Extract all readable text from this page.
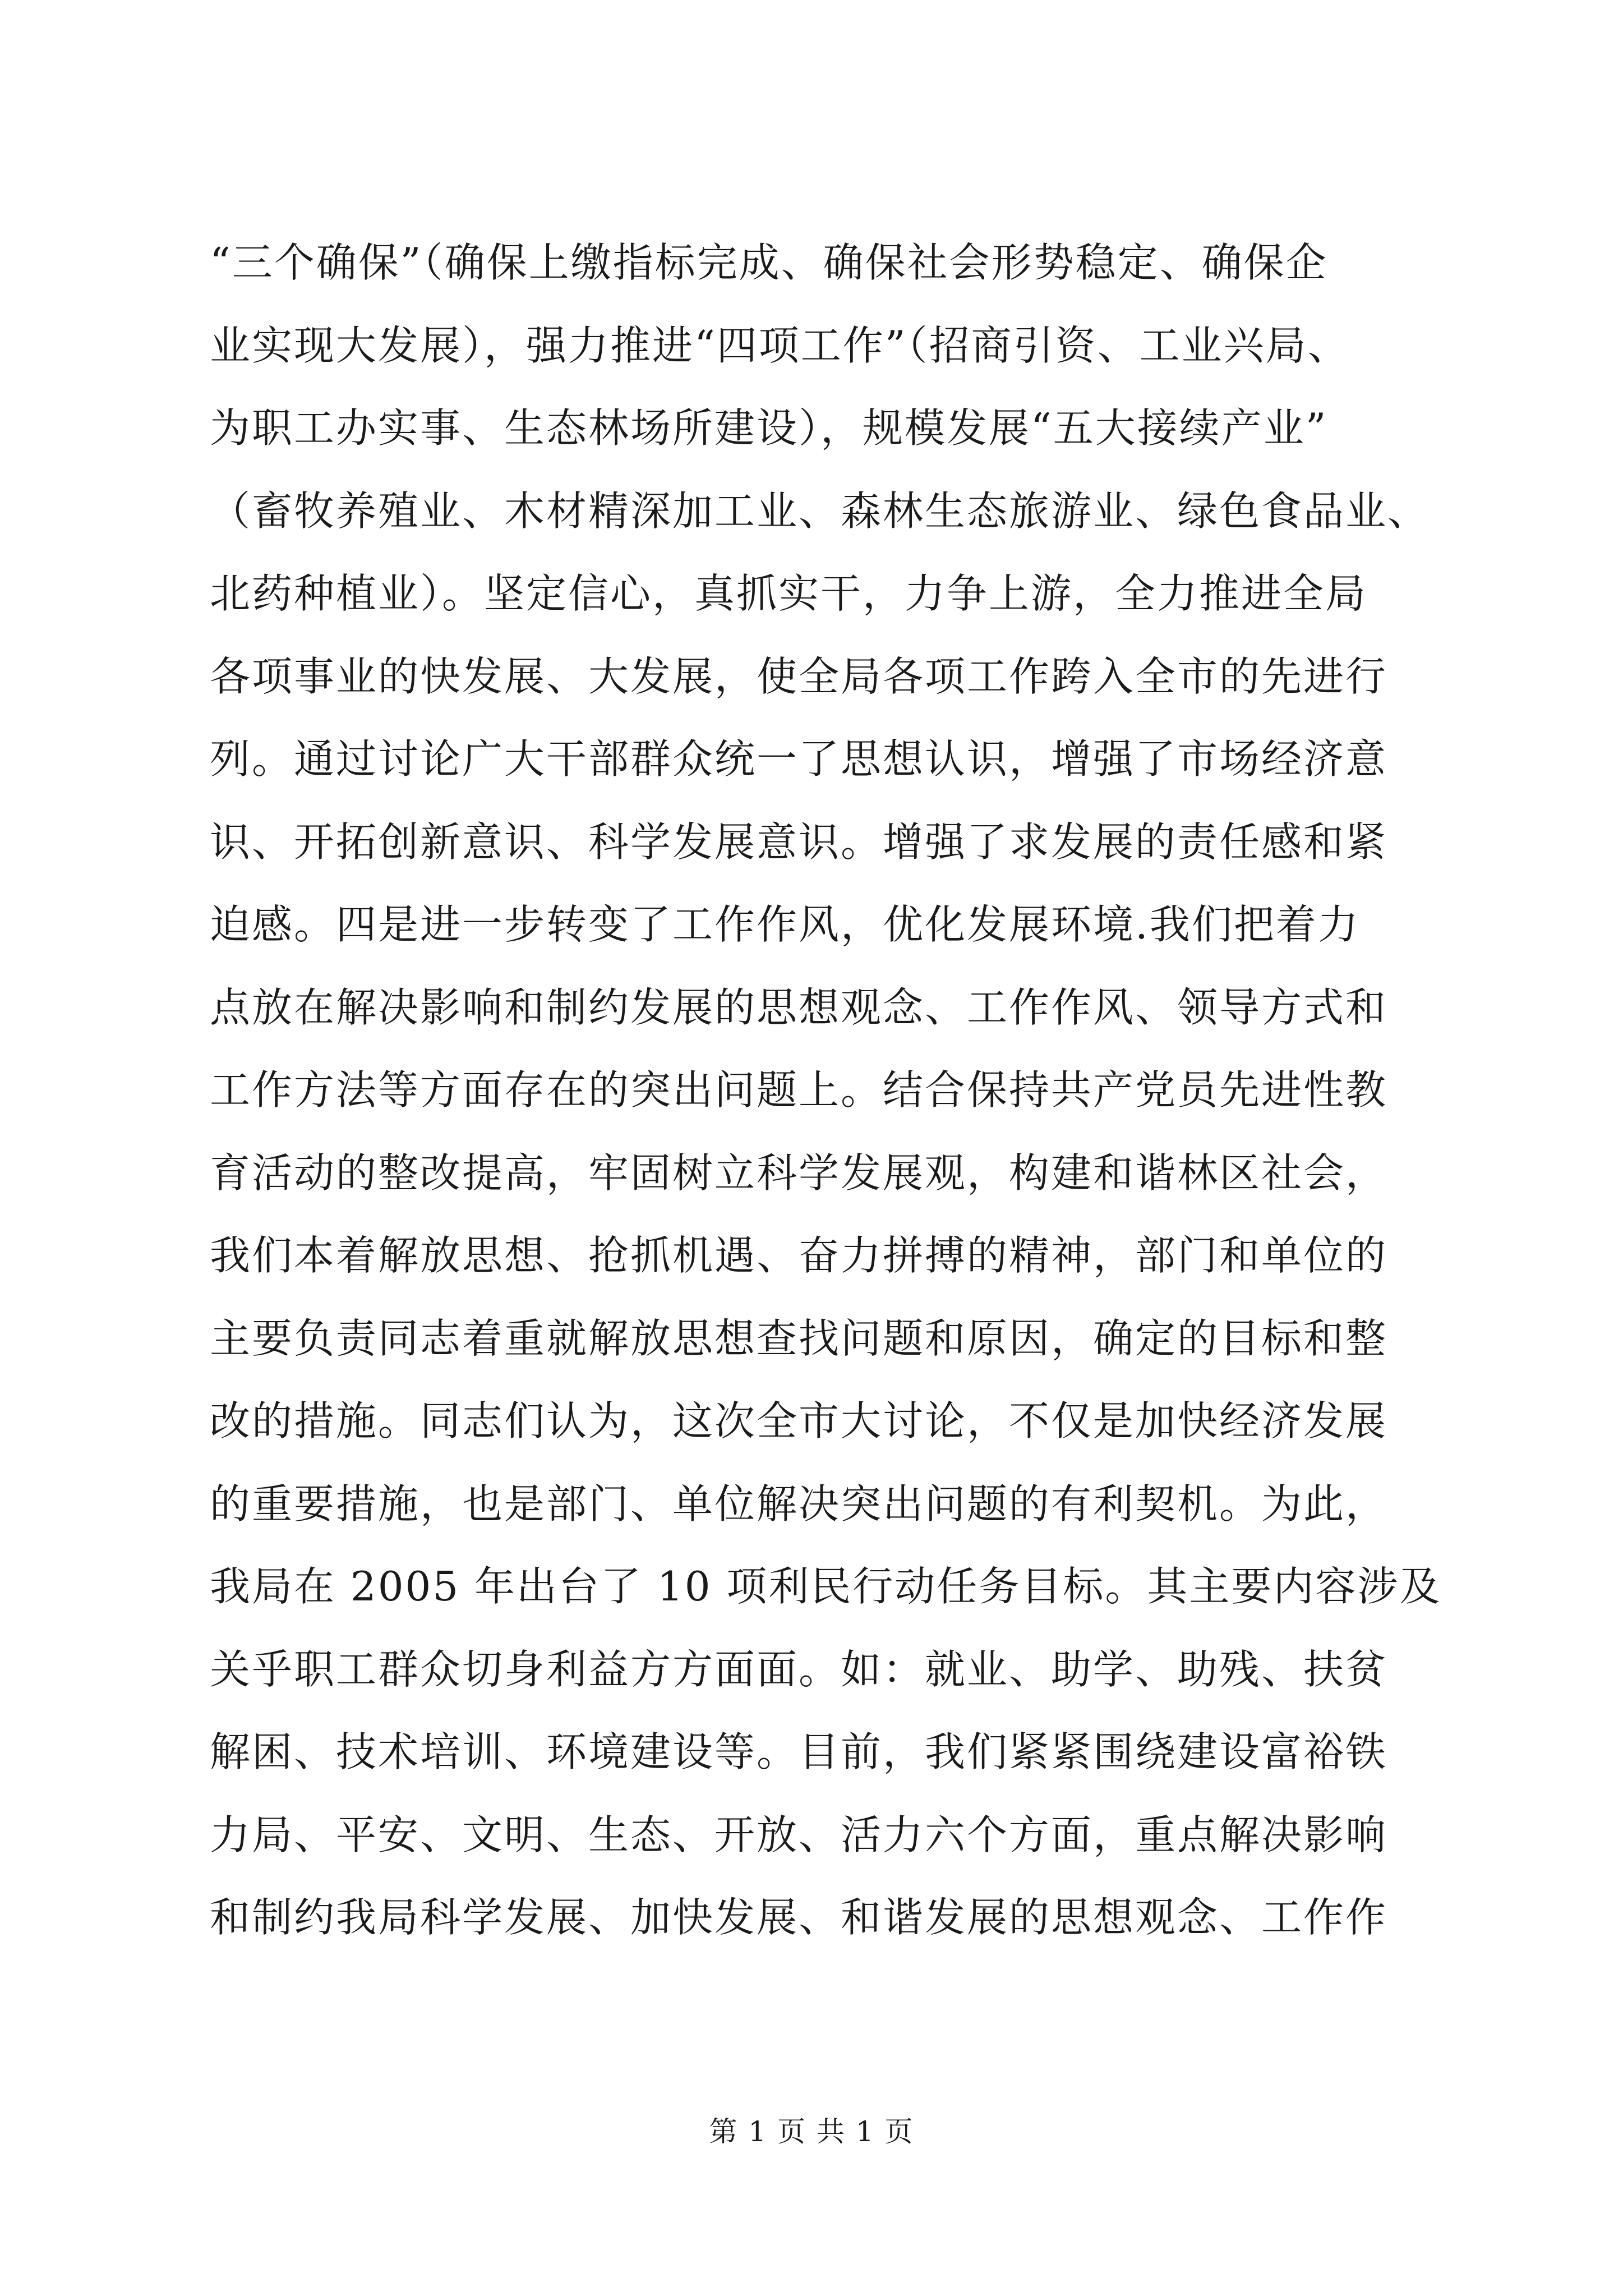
“三个确保”（确保上缴指标完成、确保社会形势稳定、确保企
业实现大发展），强力推进“四项工作”（招商引资、工业兴局、
为职工办实事、生态林场所建设），规模发展“五大接续产业”
（畜牧养殖业、木材精深加工业、森林生态旅游业、绿色食品业、
北药种植业）。坚定信心，真抓实干，力争上游，全力推进全局
各项事业的快发展、大发展，使全局各项工作跨入全市的先进行
列。通过讨论广大干部群众统一了思想认识，增强了市场经济意
识、开拓创新意识、科学发展意识。增强了求发展的责任感和紧
迫感。四是进一步转变了工作作风，优化发展环境.我们把着力
点放在解决影响和制约发展的思想观念、工作作风、领导方式和
工作方法等方面存在的突出问题上。结合保持共产党员先进性教
育活动的整改提高，牢固树立科学发展观，构建和谐林区社会，
我们本着解放思想、抢抓机遇、奋力拼搏的精神，部门和单位的
主要负责同志着重就解放思想查找问题和原因，确定的目标和整
改的措施。同志们认为，这次全市大讨论，不仅是加快经济发展
的重要措施，也是部门、单位解决突出问题的有利契机。为此，
我局在 2005 年出台了 10 项利民行动任务目标。其主要内容涉及
关乎职工群众切身利益方方面面。如：就业、助学、助残、扶贫
解困、技术培训、环境建设等。目前，我们紧紧围绕建设富裕铁
力局、平安、文明、生态、开放、活力六个方面，重点解决影响
和制约我局科学发展、加快发展、和谐发展的思想观念、工作作
第 1 页 共 1 页
